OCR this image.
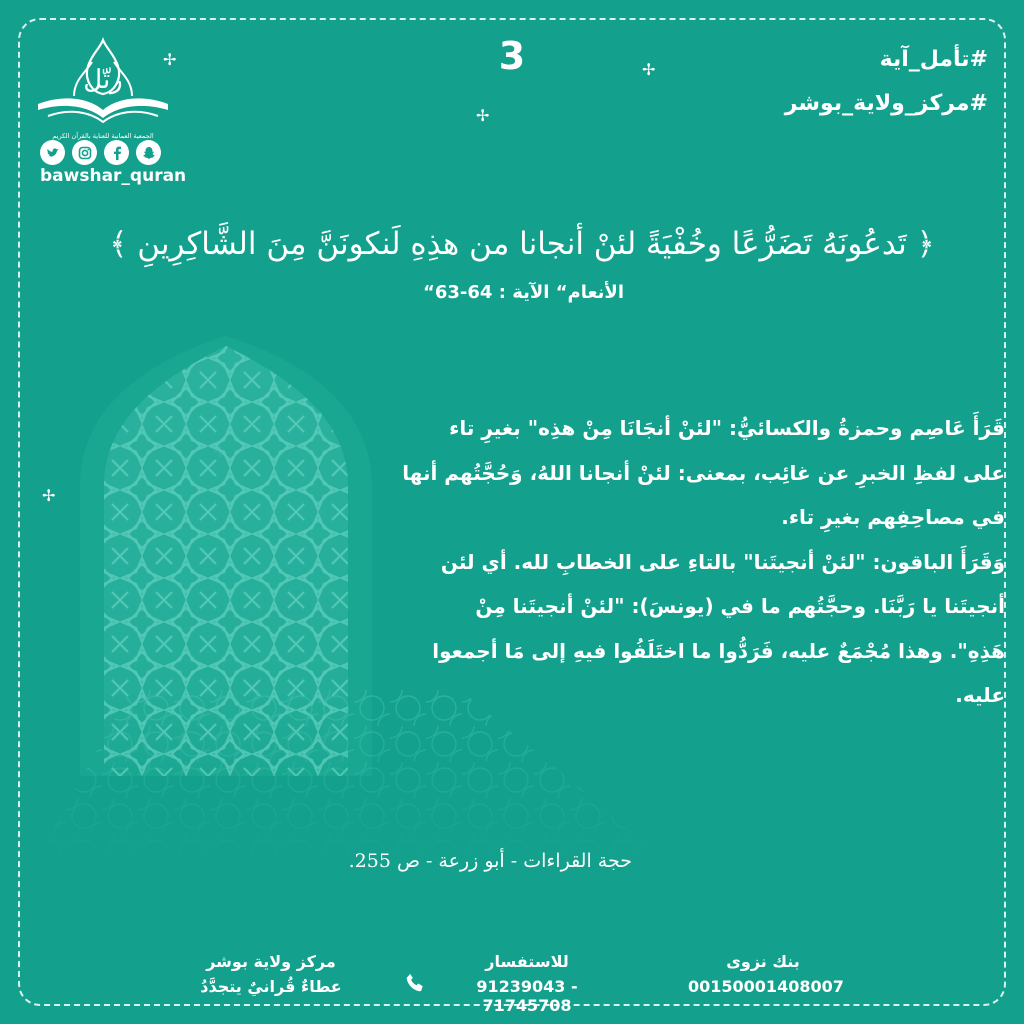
✢
✢
✢
✢
3	#تأمل_آية
#مركز_ولاية_بوشر
رتّل
الجمعية العمانية للعناية بالقرآن الكريم
bawshar_quran
﴿ تَدعُونَهُ تَضَرُّعًا وخُفْيَةً لئنْ أنجانا من هذِهِ لَنكونَنَّ مِنَ الشَّاكِرِينِ ﴾
الأنعام“ الآية : 64-63“

قَرَأَ عَاصِم وحمزةُ والكسائيُّ: "لئنْ أنجَانَا مِنْ هذِه" بغيرِ تاء

على لفظِ الخبرِ عن غائِب، بمعنى: لئنْ أنجانا اللهُ، وَحُجَّتُهم أنها

في مصاحِفِهم بغيرِ تاء.

وَقَرَأَ الباقون: "لئنْ أنجيتَنا" بالتاءِ على الخطابِ لله. أي لئن

أنجيتَنا يا رَبَّنَا. وحجَّتُهم ما في (يونسَ): "لئنْ أنجيتَنا مِنْ

هَذِهِ". وهذا مُجْمَعٌ عليه، فَرَدُّوا ما اختَلَفُوا فيهِ إلى مَا أجمعوا

عليه.

حجة القراءات - أبو زرعة - ص 255.
مركز ولاية بوشر
عطاءٌ قُرانيٌ يتجدَّدُ
للاستفسار
91239043 - 71745708
بنك نزوى
00150001408007
